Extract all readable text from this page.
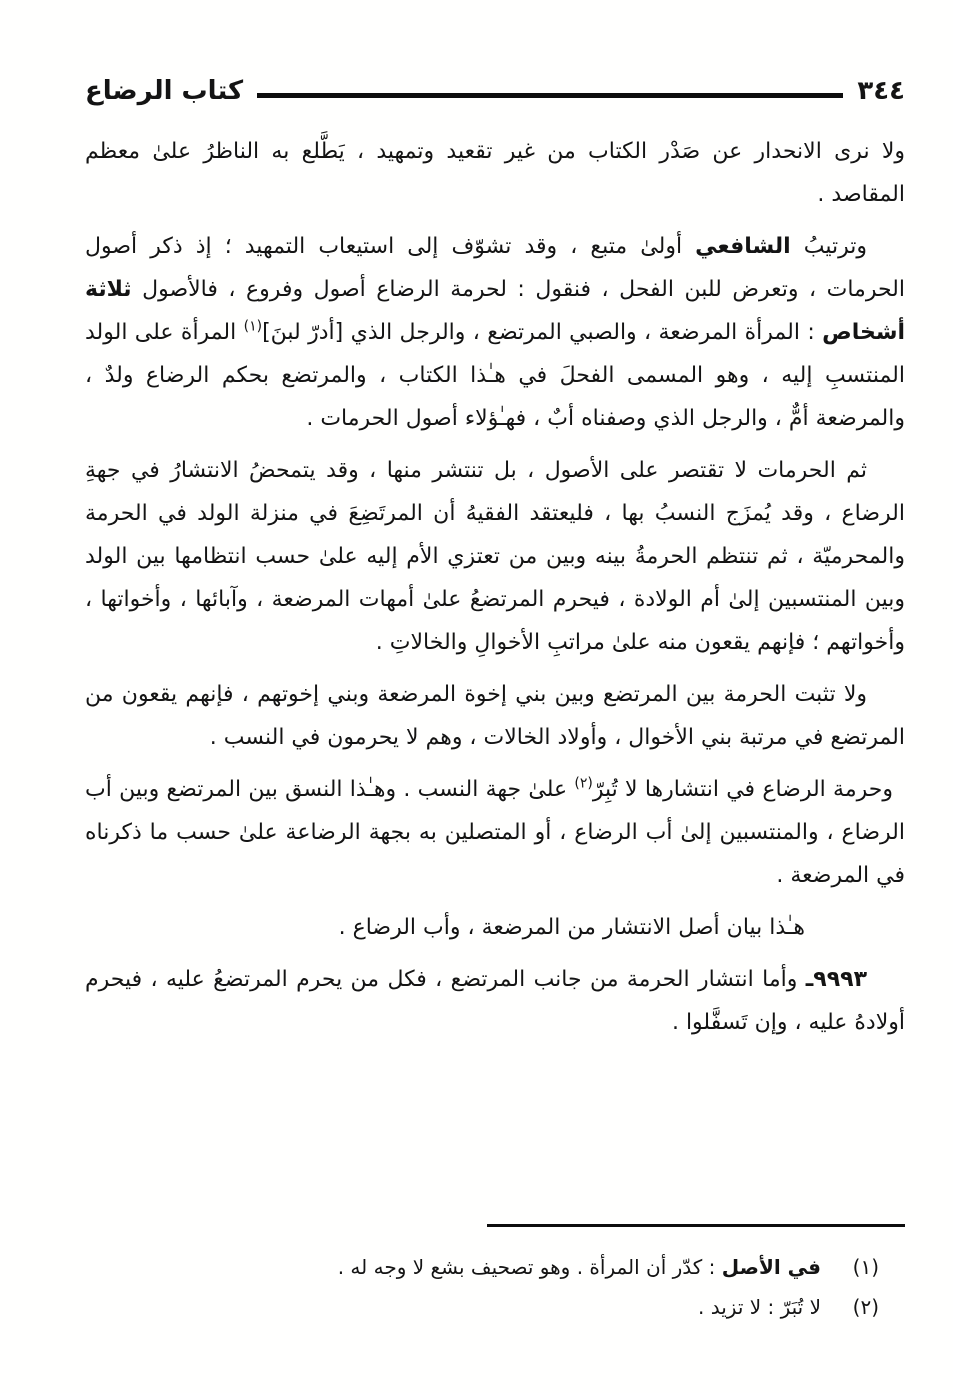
كتاب الرضاع	٣٤٤

ولا نرى الانحدار عن صَدْر الكتاب من غير تقعيد وتمهيد ، يَطَّلع به الناظرُ علىٰ معظم المقاصد .

وترتيبُ الشافعي أولىٰ متبع ، وقد تشوّف إلى استيعاب التمهيد ؛ إذ ذكر أصول الحرمات ، وتعرض للبن الفحل ، فنقول : لحرمة الرضاع أصول وفروع ، فالأصول ثلاثة أشخاص : المرأة المرضعة ، والصبي المرتضع ، والرجل الذي [أدرّ لبنَ]$^{(١)}$ المرأة على الولد المنتسبِ إليه ، وهو المسمى الفحلَ في هـٰذا الكتاب ، والمرتضع بحكم الرضاع ولدٌ ، والمرضعة أمٌّ ، والرجل الذي وصفناه أبٌ ، فهـٰؤلاء أصول الحرمات .

ثم الحرمات لا تقتصر على الأصول ، بل تنتشر منها ، وقد يتمحضُ الانتشارُ في جهةِ الرضاع ، وقد يُمزَج النسبُ بها ، فليعتقد الفقيهُ أن المرتَضِعَ في منزلة الولد في الحرمة والمحرميّة ، ثم تنتظم الحرمةُ بينه وبين من تعتزي الأم إليه علىٰ حسب انتظامها بين الولد وبين المنتسبين إلىٰ أم الولادة ، فيحرم المرتضعُ علىٰ أمهات المرضعة ، وآبائها ، وأخواتها ، وأخواتهم ؛ فإنهم يقعون منه علىٰ مراتبِ الأخوالِ والخالاتِ .

ولا تثبت الحرمة بين المرتضع وبين بني إخوة المرضعة وبني إخوتهم ، فإنهم يقعون من المرتضع في مرتبة بني الأخوال ، وأولاد الخالات ، وهم لا يحرمون في النسب .

وحرمة الرضاع في انتشارها لا تُبِرّ$^{(٢)}$ علىٰ جهة النسب . وهـٰذا النسق بين المرتضع وبين أب الرضاع ، والمنتسبين إلىٰ أب الرضاع ، أو المتصلين به بجهة الرضاعة علىٰ حسب ما ذكرناه في المرضعة .

هـٰذا بيان أصل الانتشار من المرضعة ، وأب الرضاع .

٩٩٩٣ـ وأما انتشار الحرمة من جانب المرتضع ، فكل من يحرم المرتضعُ عليه ، فيحرم أولادهُ عليه ، وإن تَسفَّلوا .

(١)
في الأصل : كدّر أن المرأة . وهو تصحيف بشع لا وجه له .
(٢)
لا تُبَرّ : لا تزيد .
